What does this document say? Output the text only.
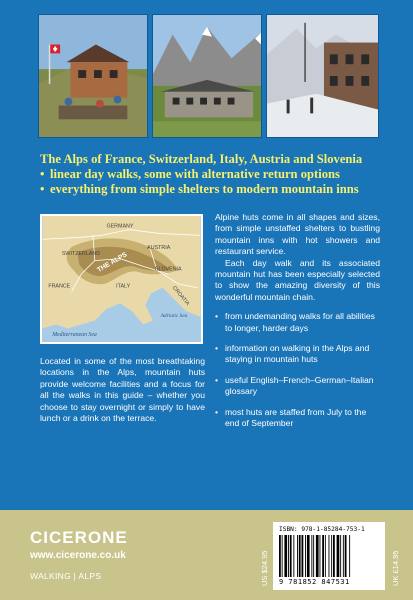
The Alps of France, Switzerland, Italy, Austria and Slovenia
• linear day walks, some with alternative return options
• everything from simple shelters to modern mountain inns
GERMANY
AUSTRIA
SWITZERLAND
THE ALPS
FRANCE
SLOVENIA
ITALY	CROATIA
Adriatic Sea
Mediterranean Sea

Alpine huts come in all shapes and sizes, from simple unstaffed shelters to bustling mountain inns with hot showers and restaurant service.

Each day walk and its associated mountain hut has been especially selected to show the amazing diversity of this wonderful mountain chain.

• from undemanding walks for all abilities to longer, harder days
• information on walking in the Alps and staying in mountain huts
• useful English–French–German–Italian glossary
• most huts are staffed from July to the end of September

Located in some of the most breathtaking locations in the Alps, mountain huts provide welcome facilities and a focus for all the walks in this guide – whether you choose to stay overnight or simply to have lunch or a drink on the terrace.

CICERONE
www.cicerone.co.uk
WALKING | ALPS
ISBN: 978-1-85284-753-1
9 781852 847531
US $24.95	UK £14.95
